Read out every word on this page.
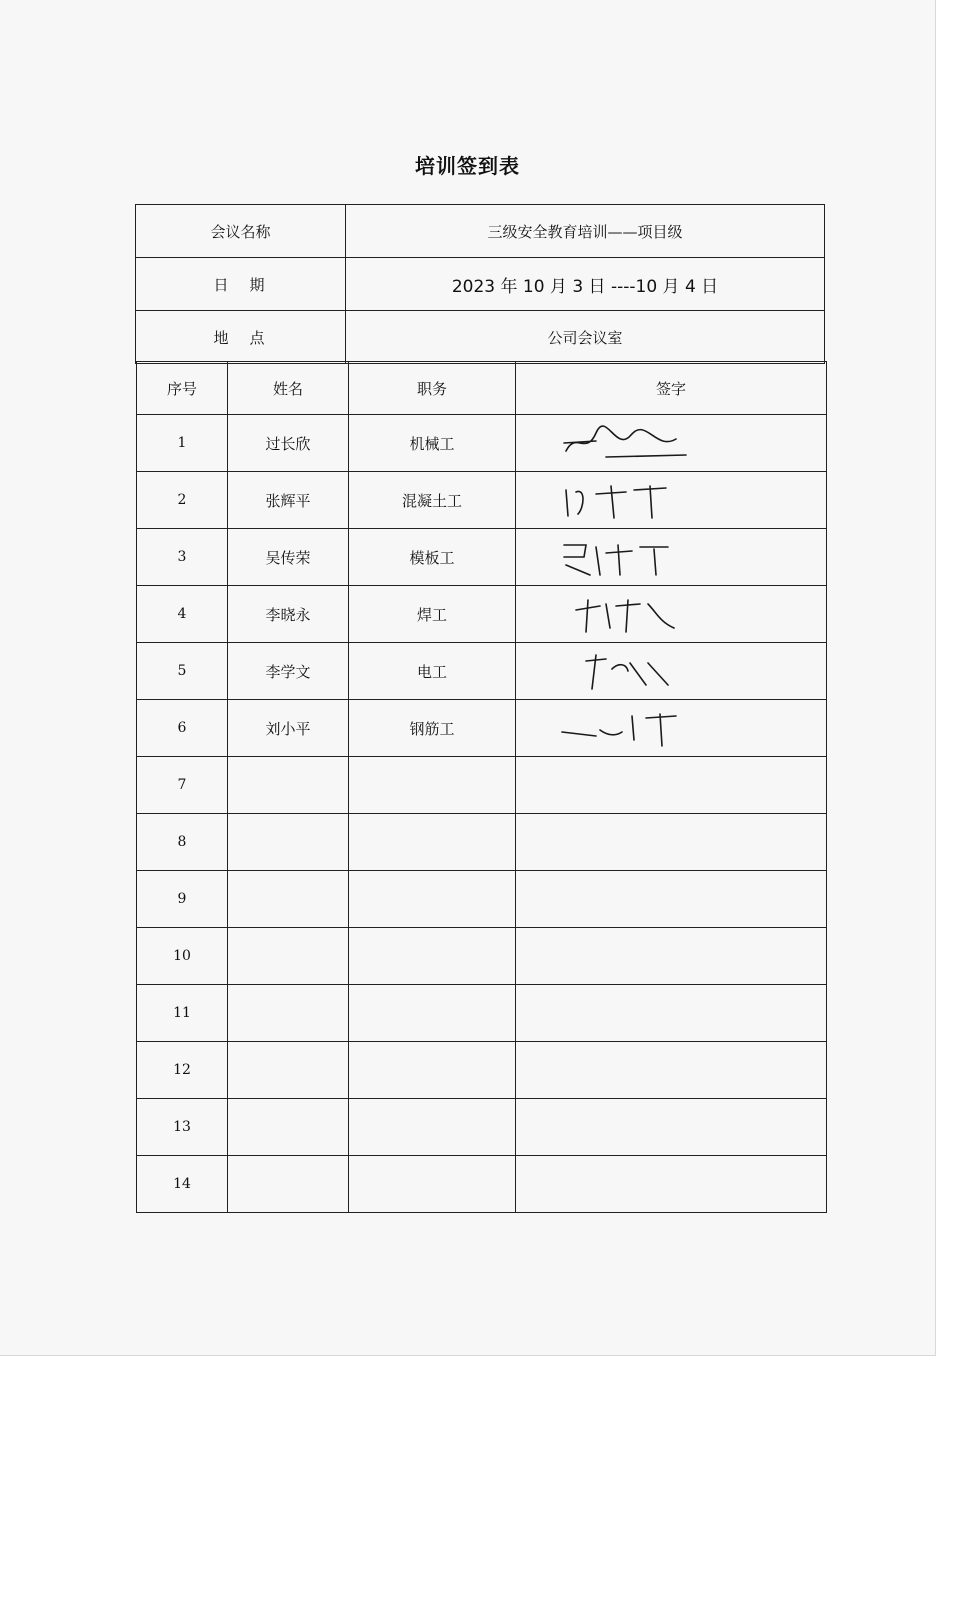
培训签到表
会议名称	三级安全教育培训——项目级
日　期	2023 年 10 月 3 日 ----10 月 4 日
地　点	公司会议室
序号	姓名	职务	签字
1	过长欣	机械工	

2	张辉平	混凝土工	

3	吴传荣	模板工	

4	李晓永	焊工	

5	李学文	电工	

6	刘小平	钢筋工	

7			
8			
9			
10			
11			
12			
13			
14			
